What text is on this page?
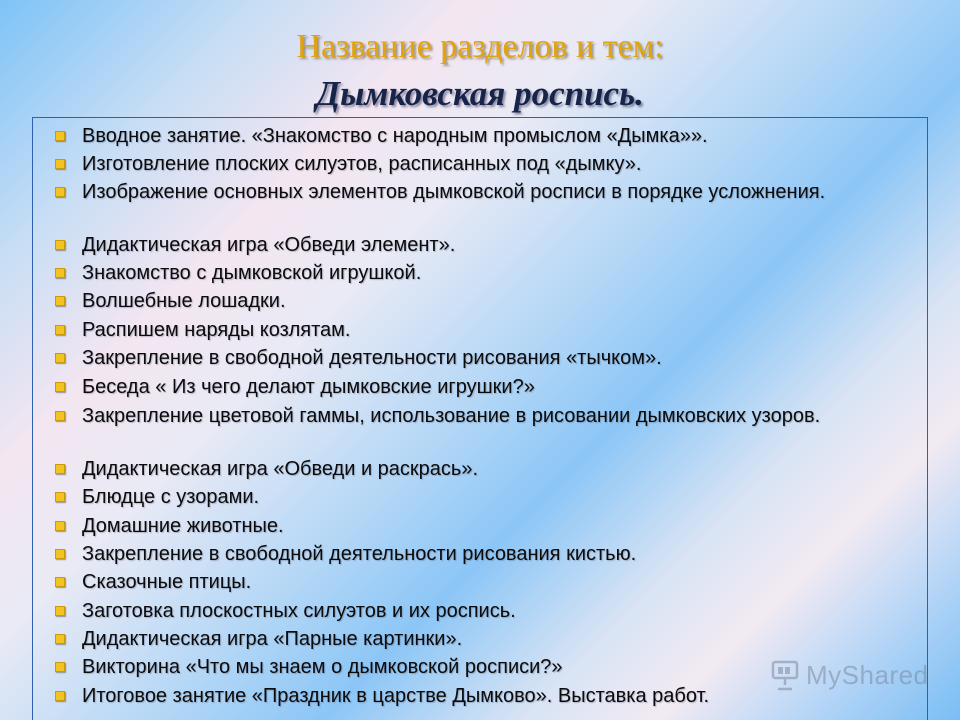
Название разделов и тем:
Дымковская роспись.
Вводное занятие. «Знакомство с народным промыслом «Дымка»».
Изготовление плоских силуэтов, расписанных под «дымку».
Изображение основных элементов дымковской росписи в порядке усложнения.
Дидактическая игра «Обведи элемент».
Знакомство с дымковской игрушкой.
Волшебные лошадки.
Распишем наряды козлятам.
Закрепление в свободной деятельности рисования «тычком».
Беседа « Из чего делают дымковские игрушки?»
Закрепление цветовой гаммы, использование в рисовании дымковских узоров.
Дидактическая игра «Обведи и раскрась».
Блюдце с узорами.
Домашние животные.
Закрепление в свободной деятельности рисования кистью.
Сказочные птицы.
Заготовка плоскостных силуэтов и их роспись.
Дидактическая игра «Парные картинки».
Викторина «Что мы знаем о дымковской росписи?»
Итоговое занятие «Праздник в царстве Дымково». Выставка работ.
MyShared
